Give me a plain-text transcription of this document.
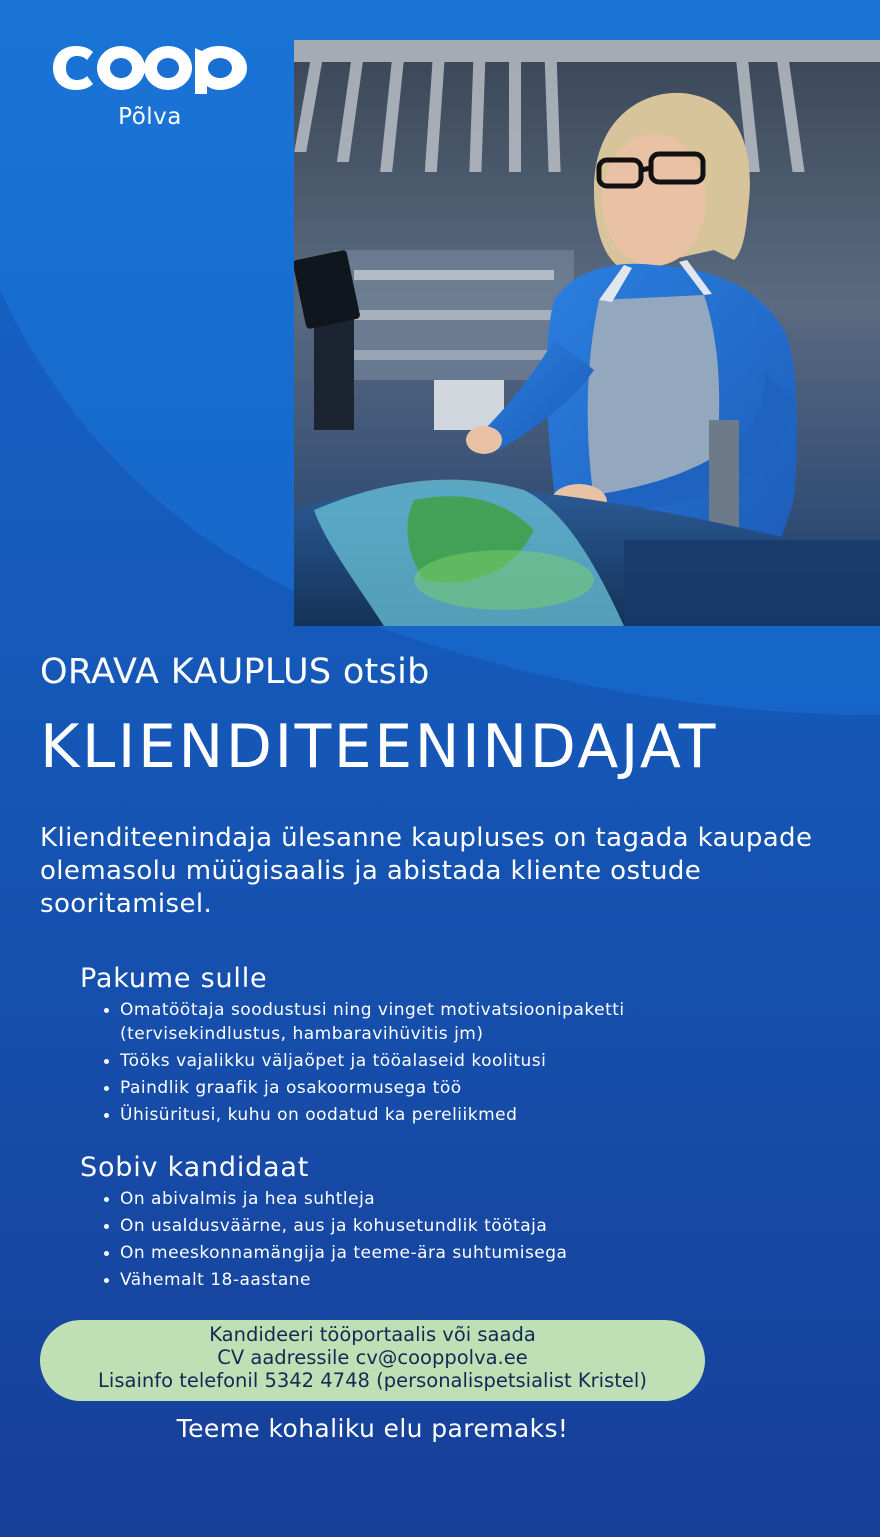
Põlva
ORAVA KAUPLUS otsib
KLIENDITEENINDAJAT
Klienditeenindaja ülesanne kaupluses on tagada kaupade
olemasolu müügisaalis ja abistada kliente ostude
sooritamisel.
Pakume sulle
Omatöötaja soodustusi ning vinget motivatsioonipaketti
(tervisekindlustus, hambaravihüvitis jm)
Tööks vajalikku väljaõpet ja tööalaseid koolitusi
Paindlik graafik ja osakoormusega töö
Ühisüritusi, kuhu on oodatud ka pereliikmed
Sobiv kandidaat
On abivalmis ja hea suhtleja
On usaldusväärne, aus ja kohusetundlik töötaja
On meeskonnamängija ja teeme-ära suhtumisega
Vähemalt 18-aastane
Kandideeri tööportaalis või saada
CV aadressile cv@cooppolva.ee
Lisainfo telefonil 5342 4748 (personalispetsialist Kristel)
Teeme kohaliku elu paremaks!
